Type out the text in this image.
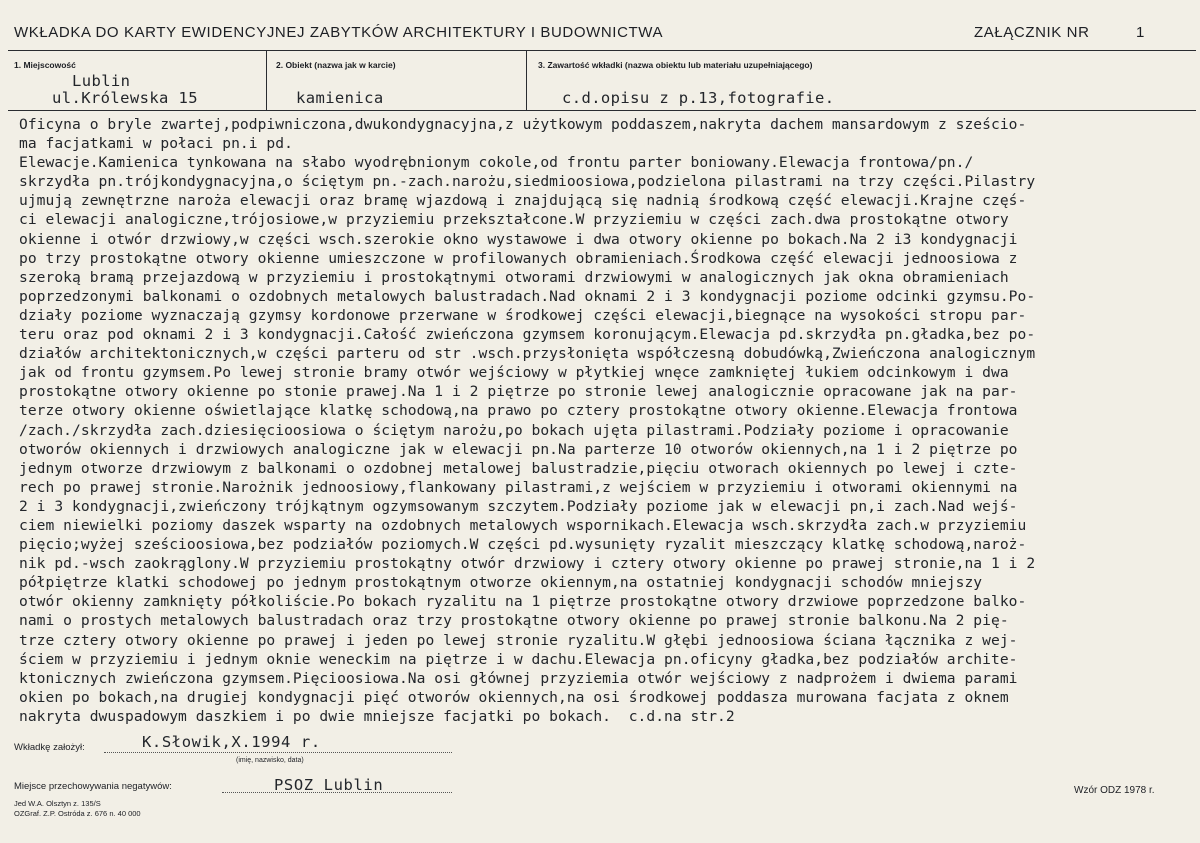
WKŁADKA DO KARTY EWIDENCYJNEJ ZABYTKÓW ARCHITEKTURY I BUDOWNICTWA	ZAŁĄCZNIK NR	1
1. Miejscowość
Lublin
ul.Królewska 15
2. Obiekt (nazwa jak w karcie)
kamienica
3. Zawartość wkładki (nazwa obiektu lub materiału uzupełniającego)
c.d.opisu z p.13,fotografie.
Oficyna o bryle zwartej,podpiwniczona,dwukondygnacyjna,z użytkowym poddaszem,nakryta dachem mansardowym z sześcio-
ma facjatkami w połaci pn.i pd.
Elewacje.Kamienica tynkowana na słabo wyodrębnionym cokole,od frontu parter boniowany.Elewacja frontowa/pn./
skrzydła pn.trójkondygnacyjna,o ściętym pn.-zach.narożu,siedmioosiowa,podzielona pilastrami na trzy części.Pilastry
ujmują zewnętrzne naroża elewacji oraz bramę wjazdową i znajdującą się nadnią środkową część elewacji.Krajne częś-
ci elewacji analogiczne,trójosiowe,w przyziemiu przekształcone.W przyziemiu w części zach.dwa prostokątne otwory
okienne i otwór drzwiowy,w części wsch.szerokie okno wystawowe i dwa otwory okienne po bokach.Na 2 i3 kondygnacji
po trzy prostokątne otwory okienne umieszczone w profilowanych obramieniach.Środkowa część elewacji jednoosiowa z
szeroką bramą przejazdową w przyziemiu i prostokątnymi otworami drzwiowymi w analogicznych jak okna obramieniach
poprzedzonymi balkonami o ozdobnych metalowych balustradach.Nad oknami 2 i 3 kondygnacji poziome odcinki gzymsu.Po-
działy poziome wyznaczają gzymsy kordonowe przerwane w środkowej części elewacji,biegnące na wysokości stropu par-
teru oraz pod oknami 2 i 3 kondygnacji.Całość zwieńczona gzymsem koronującym.Elewacja pd.skrzydła pn.gładka,bez po-
działów architektonicznych,w części parteru od str .wsch.przysłonięta współczesną dobudówką,Zwieńczona analogicznym
jak od frontu gzymsem.Po lewej stronie bramy otwór wejściowy w płytkiej wnęce zamkniętej łukiem odcinkowym i dwa
prostokątne otwory okienne po stonie prawej.Na 1 i 2 piętrze po stronie lewej analogicznie opracowane jak na par-
terze otwory okienne oświetlające klatkę schodową,na prawo po cztery prostokątne otwory okienne.Elewacja frontowa
/zach./skrzydła zach.dziesięcioosiowa o ściętym narożu,po bokach ujęta pilastrami.Podziały poziome i opracowanie
otworów okiennych i drzwiowych analogiczne jak w elewacji pn.Na parterze 10 otworów okiennych,na 1 i 2 piętrze po
jednym otworze drzwiowym z balkonami o ozdobnej metalowej balustradzie,pięciu otworach okiennych po lewej i czte-
rech po prawej stronie.Narożnik jednoosiowy,flankowany pilastrami,z wejściem w przyziemiu i otworami okiennymi na
2 i 3 kondygnacji,zwieńczony trójkątnym ogzymsowanym szczytem.Podziały poziome jak w elewacji pn,i zach.Nad wejś-
ciem niewielki poziomy daszek wsparty na ozdobnych metalowych wspornikach.Elewacja wsch.skrzydła zach.w przyziemiu
pięcio;wyżej sześcioosiowa,bez podziałów poziomych.W części pd.wysunięty ryzalit mieszczący klatkę schodową,naroż-
nik pd.-wsch zaokrąglony.W przyziemiu prostokątny otwór drzwiowy i cztery otwory okienne po prawej stronie,na 1 i 2
półpiętrze klatki schodowej po jednym prostokątnym otworze okiennym,na ostatniej kondygnacji schodów mniejszy
otwór okienny zamknięty półkoliście.Po bokach ryzalitu na 1 piętrze prostokątne otwory drzwiowe poprzedzone balko-
nami o prostych metalowych balustradach oraz trzy prostokątne otwory okienne po prawej stronie balkonu.Na 2 pię-
trze cztery otwory okienne po prawej i jeden po lewej stronie ryzalitu.W głębi jednoosiowa ściana łącznika z wej-
ściem w przyziemiu i jednym oknie weneckim na piętrze i w dachu.Elewacja pn.oficyny gładka,bez podziałów archite-
ktonicznych zwieńczona gzymsem.Pięcioosiowa.Na osi głównej przyziemia otwór wejściowy z nadprożem i dwiema parami
okien po bokach,na drugiej kondygnacji pięć otworów okiennych,na osi środkowej poddasza murowana facjata z oknem
nakryta dwuspadowym daszkiem i po dwie mniejsze facjatki po bokach.  c.d.na str.2
Wkładkę założył:	K.Słowik,X.1994 r.
(imię, nazwisko, data)
Miejsce przechowywania negatywów:	PSOZ Lublin	Wzór ODZ 1978 r.
Jed W.A. Olsztyn z. 135/S
OZGraf. Z.P. Ostróda z. 676 n. 40 000
